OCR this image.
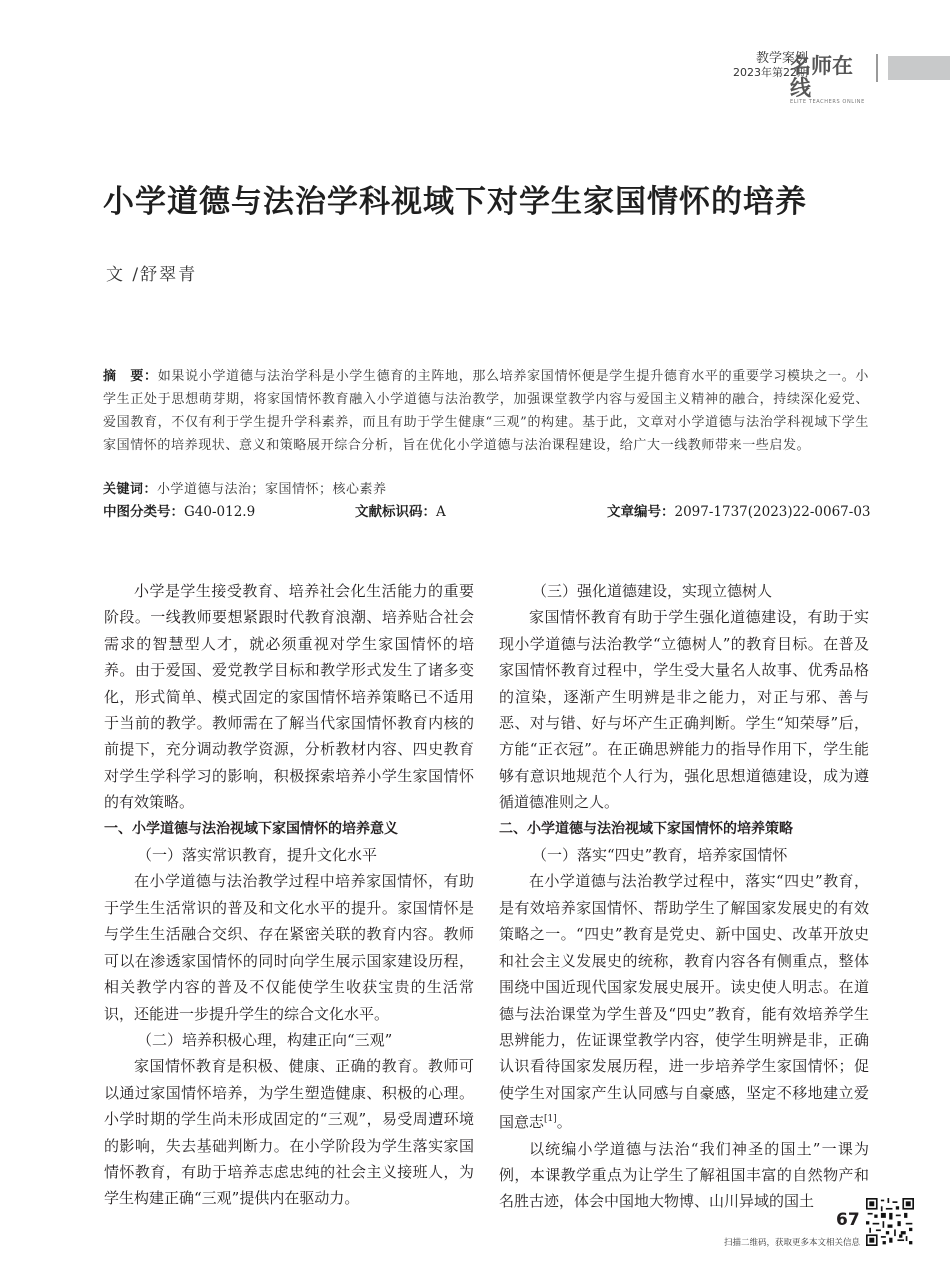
教学案例
2023年第22期
名师在线
ELITE TEACHERS ONLINE
小学道德与法治学科视域下对学生家国情怀的培养
文 /舒翠青
摘　要：如果说小学道德与法治学科是小学生德育的主阵地，那么培养家国情怀便是学生提升德育水平的重要学习模块之一。小学生正处于思想萌芽期，将家国情怀教育融入小学道德与法治教学，加强课堂教学内容与爱国主义精神的融合，持续深化爱党、爱国教育，不仅有利于学生提升学科素养，而且有助于学生健康“三观”的构建。基于此，文章对小学道德与法治学科视域下学生家国情怀的培养现状、意义和策略展开综合分析，旨在优化小学道德与法治课程建设，给广大一线教师带来一些启发。
关键词：小学道德与法治；家国情怀；核心素养
中图分类号：G40-012.9	文献标识码：A	文章编号：2097-1737(2023)22-0067-03

小学是学生接受教育、培养社会化生活能力的重要阶段。一线教师要想紧跟时代教育浪潮、培养贴合社会需求的智慧型人才，就必须重视对学生家国情怀的培养。由于爱国、爱党教学目标和教学形式发生了诸多变化，形式简单、模式固定的家国情怀培养策略已不适用于当前的教学。教师需在了解当代家国情怀教育内核的前提下，充分调动教学资源，分析教材内容、四史教育对学生学科学习的影响，积极探索培养小学生家国情怀的有效策略。

一、小学道德与法治视域下家国情怀的培养意义

（一）落实常识教育，提升文化水平

在小学道德与法治教学过程中培养家国情怀，有助于学生生活常识的普及和文化水平的提升。家国情怀是与学生生活融合交织、存在紧密关联的教育内容。教师可以在渗透家国情怀的同时向学生展示国家建设历程，相关教学内容的普及不仅能使学生收获宝贵的生活常识，还能进一步提升学生的综合文化水平。

（二）培养积极心理，构建正向“三观”

家国情怀教育是积极、健康、正确的教育。教师可以通过家国情怀培养，为学生塑造健康、积极的心理。小学时期的学生尚未形成固定的“三观”，易受周遭环境的影响，失去基础判断力。在小学阶段为学生落实家国情怀教育，有助于培养志虑忠纯的社会主义接班人，为学生构建正确“三观”提供内在驱动力。

（三）强化道德建设，实现立德树人

家国情怀教育有助于学生强化道德建设，有助于实现小学道德与法治教学“立德树人”的教育目标。在普及家国情怀教育过程中，学生受大量名人故事、优秀品格的渲染，逐渐产生明辨是非之能力，对正与邪、善与恶、对与错、好与坏产生正确判断。学生“知荣辱”后，方能“正衣冠”。在正确思辨能力的指导作用下，学生能够有意识地规范个人行为，强化思想道德建设，成为遵循道德准则之人。

二、小学道德与法治视域下家国情怀的培养策略

（一）落实“四史”教育，培养家国情怀

在小学道德与法治教学过程中，落实“四史”教育，是有效培养家国情怀、帮助学生了解国家发展史的有效策略之一。“四史”教育是党史、新中国史、改革开放史和社会主义发展史的统称，教育内容各有侧重点，整体围绕中国近现代国家发展史展开。读史使人明志。在道德与法治课堂为学生普及“四史”教育，能有效培养学生思辨能力，佐证课堂教学内容，使学生明辨是非，正确认识看待国家发展历程，进一步培养学生家国情怀；促使学生对国家产生认同感与自豪感，坚定不移地建立爱国意志[1]。

以统编小学道德与法治“我们神圣的国土”一课为例，本课教学重点为让学生了解祖国丰富的自然物产和名胜古迹，体会中国地大物博、山川异域的国土

67
扫描二维码，获取更多本文相关信息
